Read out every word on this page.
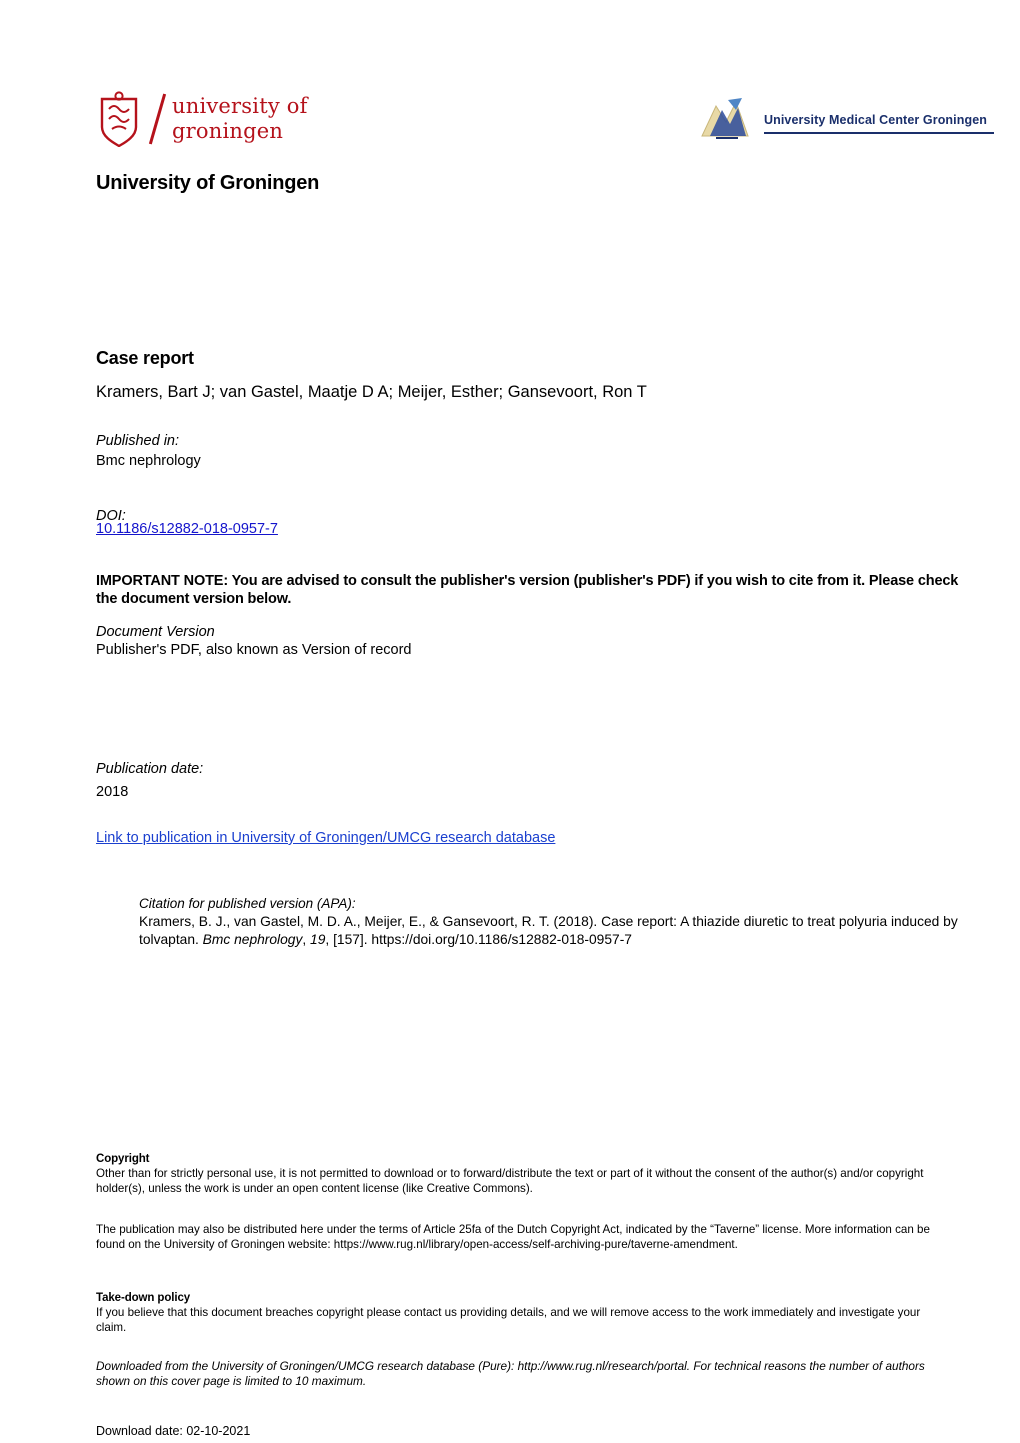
university of
groningen	University Medical Center Groningen
University of Groningen
Case report
Kramers, Bart J; van Gastel, Maatje D A; Meijer, Esther; Gansevoort, Ron T
Published in:
Bmc nephrology
DOI:
10.1186/s12882-018-0957-7
IMPORTANT NOTE: You are advised to consult the publisher's version (publisher's PDF) if you wish to cite from it. Please check the document version below.
Document Version
Publisher's PDF, also known as Version of record
Publication date:
2018
Link to publication in University of Groningen/UMCG research database
Citation for published version (APA):
Kramers, B. J., van Gastel, M. D. A., Meijer, E., & Gansevoort, R. T. (2018). Case report: A thiazide diuretic to treat polyuria induced by tolvaptan. Bmc nephrology, 19, [157]. https://doi.org/10.1186/s12882-018-0957-7
Copyright
Other than for strictly personal use, it is not permitted to download or to forward/distribute the text or part of it without the consent of the author(s) and/or copyright holder(s), unless the work is under an open content license (like Creative Commons).
The publication may also be distributed here under the terms of Article 25fa of the Dutch Copyright Act, indicated by the “Taverne” license. More information can be found on the University of Groningen website: https://www.rug.nl/library/open-access/self-archiving-pure/taverne-amendment.
Take-down policy
If you believe that this document breaches copyright please contact us providing details, and we will remove access to the work immediately and investigate your claim.
Downloaded from the University of Groningen/UMCG research database (Pure): http://www.rug.nl/research/portal. For technical reasons the number of authors shown on this cover page is limited to 10 maximum.
Download date: 02-10-2021
